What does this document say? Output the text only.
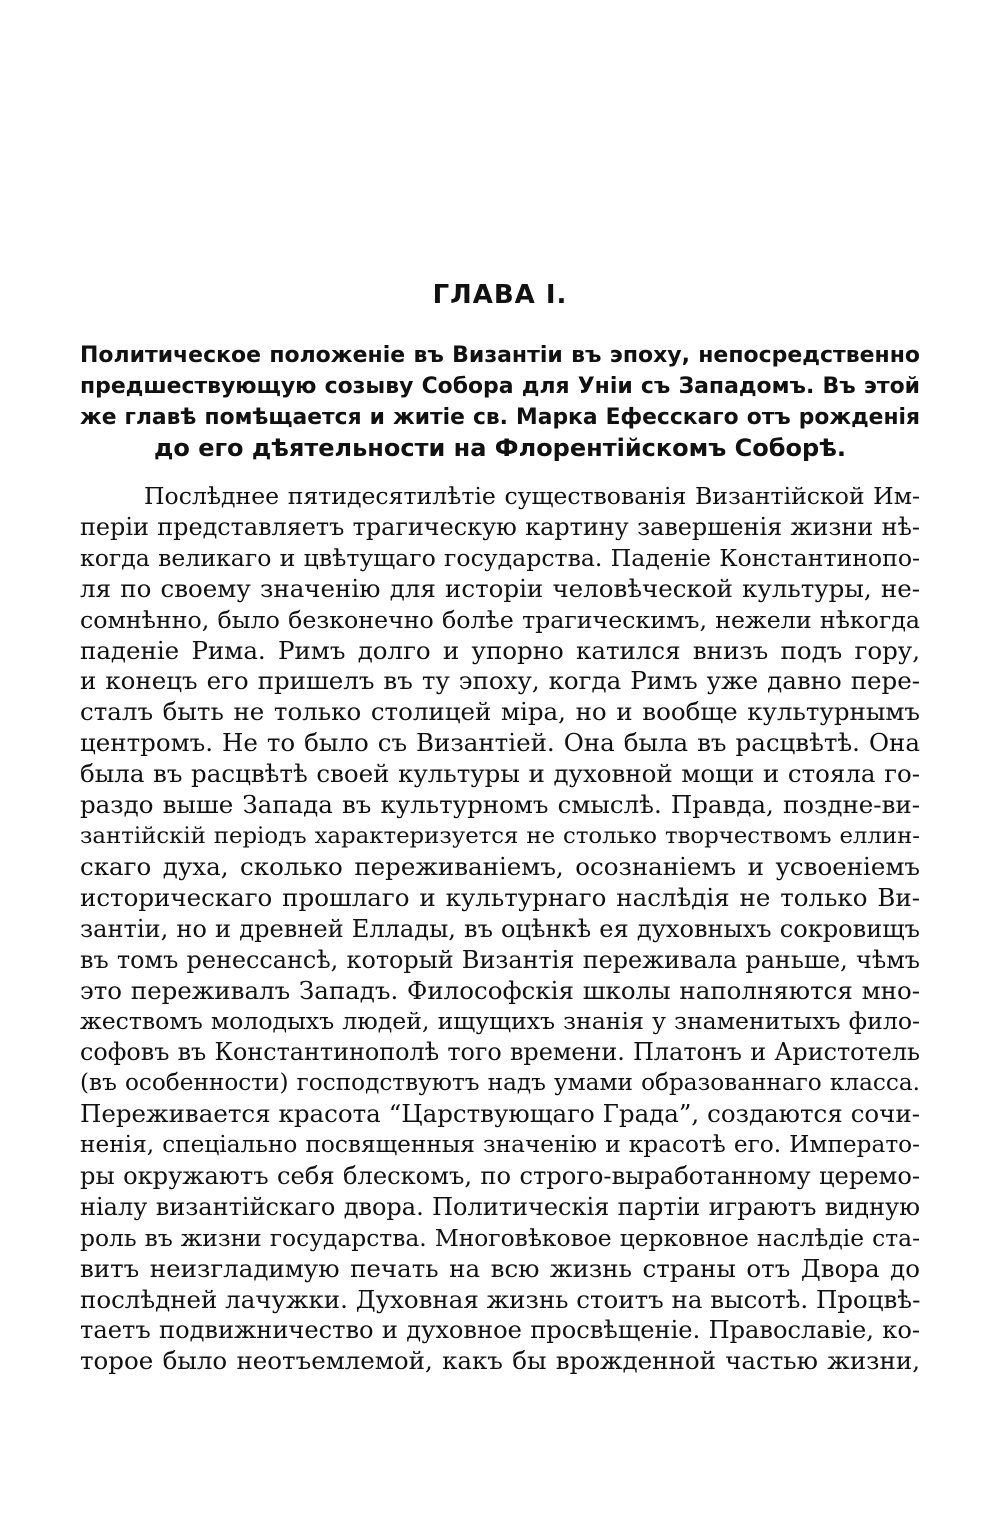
ГЛАВА I.
Политическое положеніе въ Византіи въ эпоху, непосредственно
предшествующую созыву Собора для Уніи съ Западомъ. Въ этой
же главѣ помѣщается и житіе св. Марка Ефесскаго отъ рожденія
до его дѣятельности на Флорентійскомъ Соборѣ.
Послѣднее пятидесятилѣтіе существованія Византійской Им-
періи представляетъ трагическую картину завершенія жизни нѣ-
когда великаго и цвѣтущаго государства. Паденіе Константинопо-
ля по своему значенію для исторіи человѣческой культуры, не-
сомнѣнно, было безконечно болѣе трагическимъ, нежели нѣкогда
паденіе Рима. Римъ долго и упорно катился внизъ подъ гору,
и конецъ его пришелъ въ ту эпоху, когда Римъ уже давно пере-
сталъ быть не только столицей міра, но и вообще культурнымъ
центромъ. Не то было съ Византіей. Она была въ расцвѣтѣ. Она
была въ расцвѣтѣ своей культуры и духовной мощи и стояла го-
раздо выше Запада въ культурномъ смыслѣ. Правда, поздне-ви-
зантійскій періодъ характеризуется не столько творчествомъ еллин-
скаго духа, сколько переживаніемъ, осознаніемъ и усвоеніемъ
историческаго прошлаго и культурнаго наслѣдія не только Ви-
зантіи, но и древней Еллады, въ оцѣнкѣ ея духовныхъ сокровищъ
въ томъ ренессансѣ, который Византія переживала раньше, чѣмъ
это переживалъ Западъ. Философскія школы наполняются мно-
жествомъ молодыхъ людей, ищущихъ знанія у знаменитыхъ фило-
софовъ въ Константинополѣ того времени. Платонъ и Аристотель
(въ особенности) господствуютъ надъ умами образованнаго класса.
Переживается красота “Царствующаго Града”, создаются сочи-
ненія, спеціально посвященныя значенію и красотѣ его. Императо-
ры окружаютъ себя блескомъ, по строго-выработанному церемо-
ніалу византійскаго двора. Политическія партіи играютъ видную
роль въ жизни государства. Многовѣковое церковное наслѣдіе ста-
витъ неизгладимую печать на всю жизнь страны отъ Двора до
послѣдней лачужки. Духовная жизнь стоитъ на высотѣ. Процвѣ-
таетъ подвижничество и духовное просвѣщеніе. Православіе, ко-
торое было неотъемлемой, какъ бы врожденной частью жизни,
